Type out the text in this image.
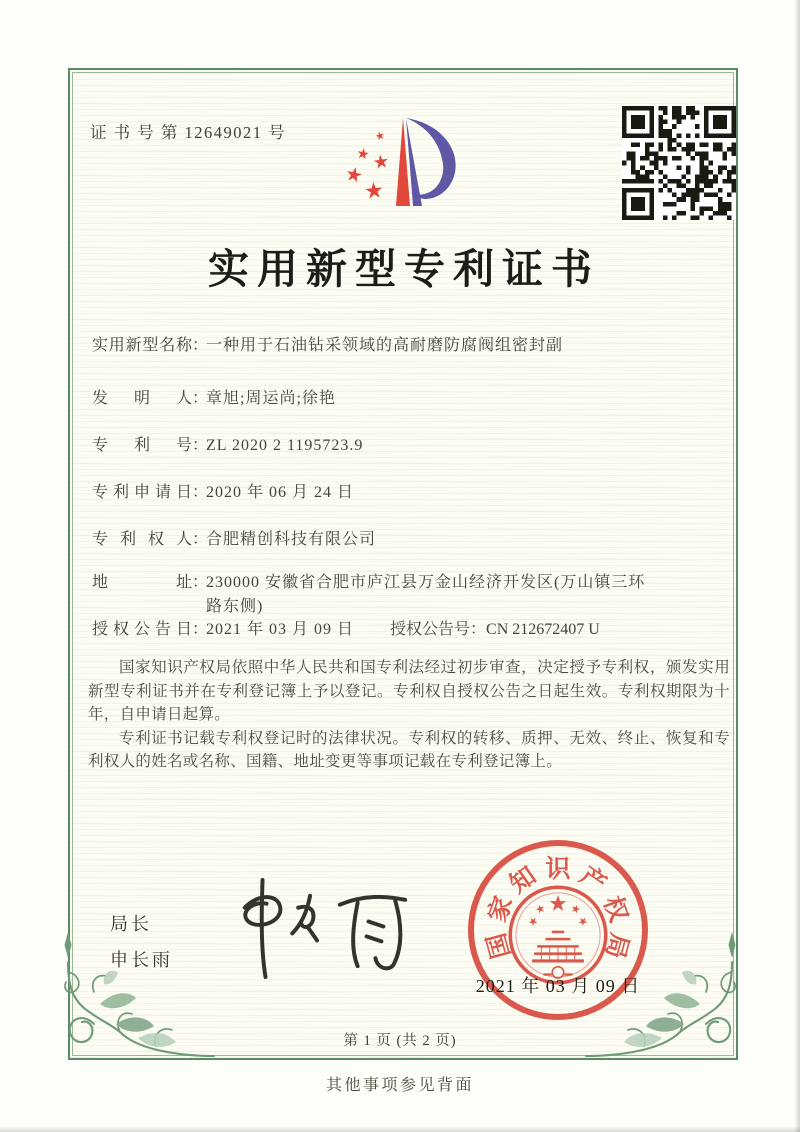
证 书 号 第 12649021 号
实用新型专利证书
实用新型名称：一种用于石油钻采领域的高耐磨防腐阀组密封副
发明人：章旭;周运尚;徐艳
专利号：ZL 2020 2 1195723.9
专利申请日：2020 年 06 月 24 日
专利权人：合肥精创科技有限公司
地址：230000 安徽省合肥市庐江县万金山经济开发区(万山镇三环路东侧)
授权公告日：2021 年 03 月 09 日 授权公告号：CN 212672407 U

国家知识产权局依照中华人民共和国专利法经过初步审查，决定授予专利权，颁发实用新型专利证书并在专利登记簿上予以登记。专利权自授权公告之日起生效。专利权期限为十年，自申请日起算。

专利证书记载专利权登记时的法律状况。专利权的转移、质押、无效、终止、恢复和专利权人的姓名或名称、国籍、地址变更等事项记载在专利登记簿上。

局长
申长雨	国
家
知 识 产
权
局
2021 年 03 月 09 日
第 1 页 (共 2 页)
其他事项参见背面
